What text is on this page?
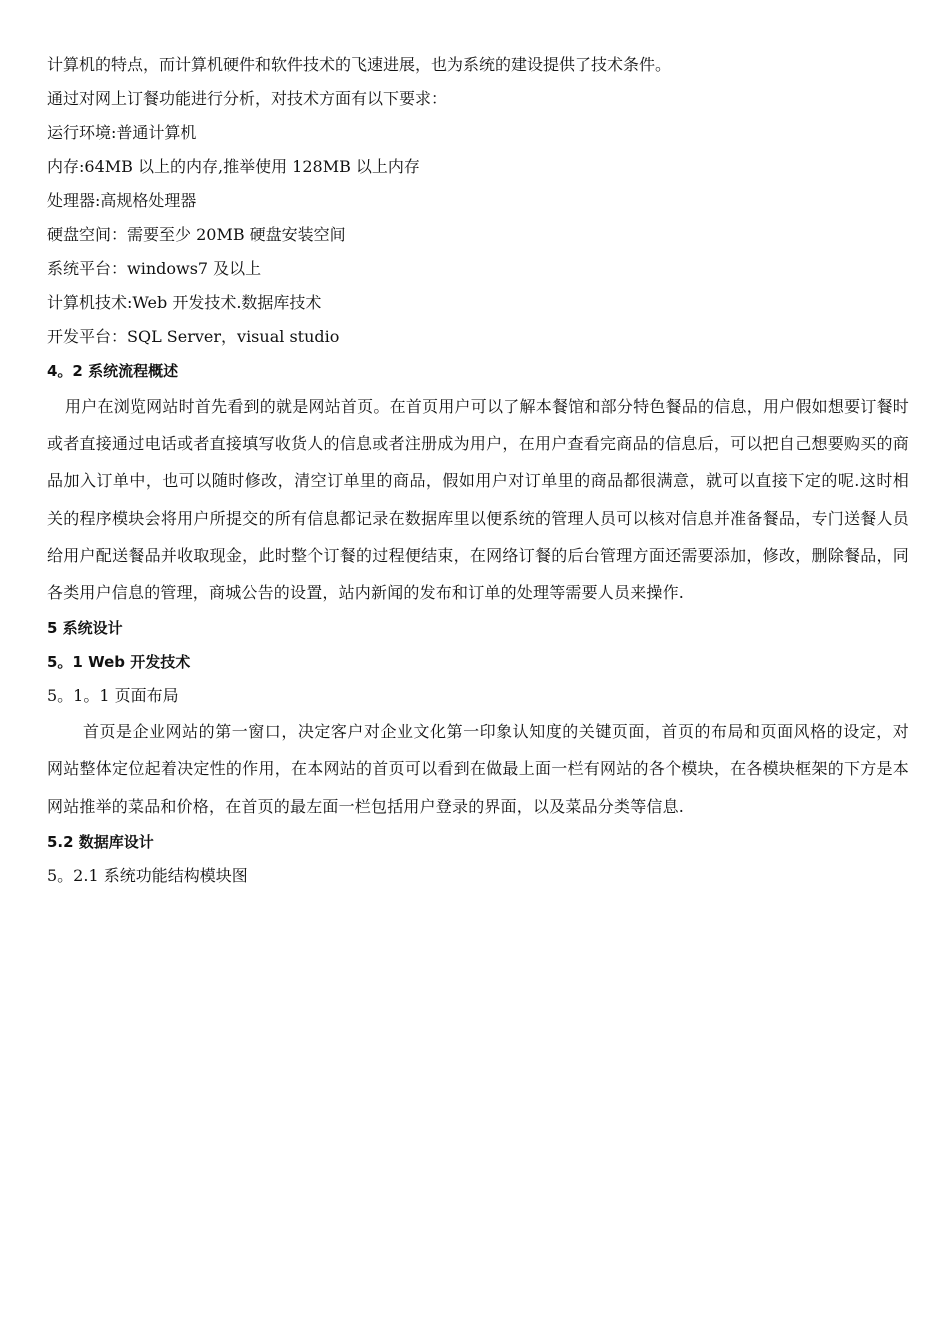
计算机的特点，而计算机硬件和软件技术的飞速进展，也为系统的建设提供了技术条件。

通过对网上订餐功能进行分析，对技术方面有以下要求：

运行环境:普通计算机

内存:64MB 以上的内存,推举使用 128MB 以上内存

处理器:高规格处理器

硬盘空间：需要至少 20MB 硬盘安装空间

系统平台：windows7 及以上

计算机技术:Web 开发技术.数据库技术

开发平台：SQL Server，visual studio

4。2 系统流程概述

用户在浏览网站时首先看到的就是网站首页。在首页用户可以了解本餐馆和部分特色餐品的信息，用户假如想要订餐时或者直接通过电话或者直接填写收货人的信息或者注册成为用户，在用户查看完商品的信息后，可以把自己想要购买的商品加入订单中，也可以随时修改，清空订单里的商品，假如用户对订单里的商品都很满意，就可以直接下定的呢.这时相关的程序模块会将用户所提交的所有信息都记录在数据库里以便系统的管理人员可以核对信息并准备餐品，专门送餐人员给用户配送餐品并收取现金，此时整个订餐的过程便结束，在网络订餐的后台管理方面还需要添加，修改，删除餐品，同各类用户信息的管理，商城公告的设置，站内新闻的发布和订单的处理等需要人员来操作.

5 系统设计

5。1 Web 开发技术

5。1。1 页面布局

首页是企业网站的第一窗口，决定客户对企业文化第一印象认知度的关键页面，首页的布局和页面风格的设定，对网站整体定位起着决定性的作用，在本网站的首页可以看到在做最上面一栏有网站的各个模块，在各模块框架的下方是本网站推举的菜品和价格，在首页的最左面一栏包括用户登录的界面，以及菜品分类等信息.

5.2 数据库设计

5。2.1 系统功能结构模块图
